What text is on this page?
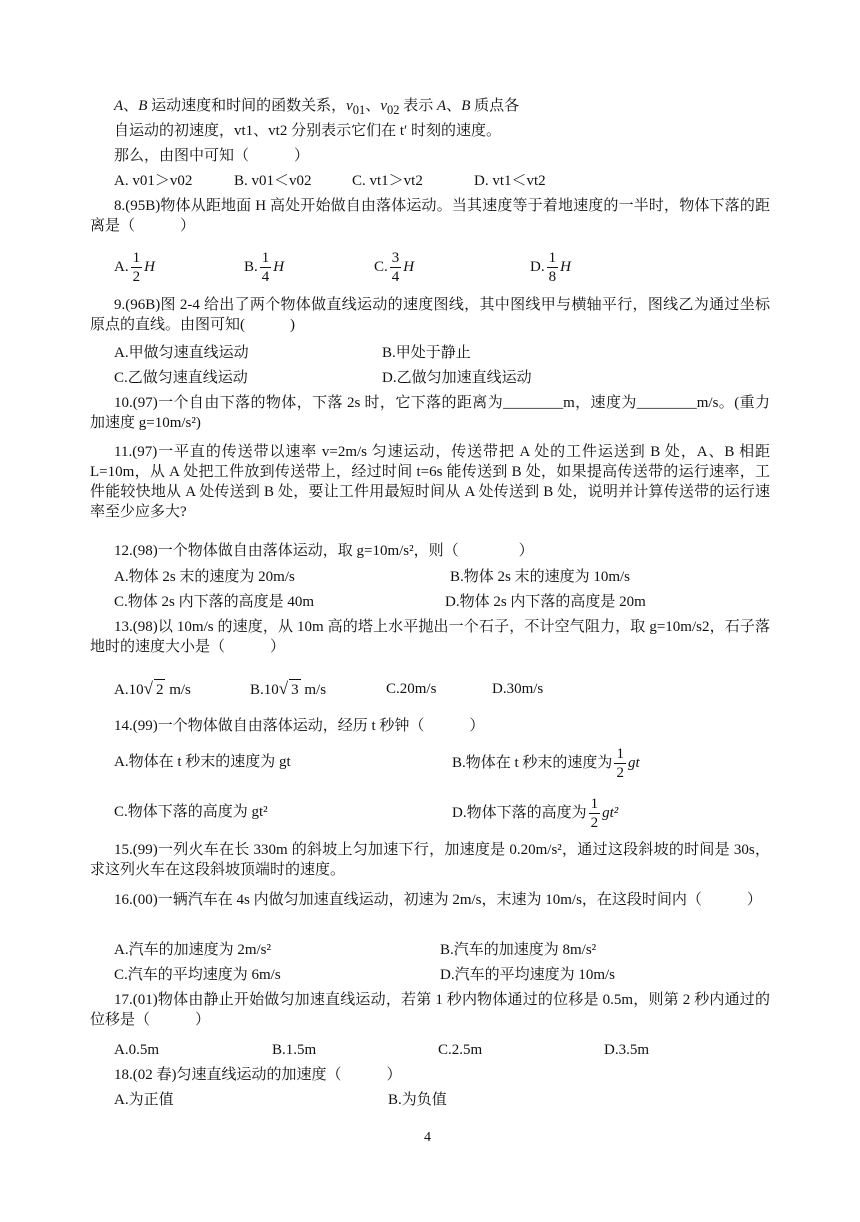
A、B 运动速度和时间的函数关系，$v_{01}$、$v_{02}$ 表示 A、B 质点各
自运动的初速度，vt1、vt2 分别表示它们在 t′ 时刻的速度。
那么，由图中可知（　　　）
A. v01＞v02	B. v01＜v02	C. vt1＞vt2	D. vt1＜vt2
8.(95B)物体从距地面 H 高处开始做自由落体运动。当其速度等于着地速度的一半时，物体下落的距离是（　　　）
A. $\frac{1}{2}$ H	B. $\frac{1}{4}$ H	C. $\frac{3}{4}$ H	D. $\frac{1}{8}$ H
9.(96B)图 2-4 给出了两个物体做直线运动的速度图线，其中图线甲与横轴平行，图线乙为通过坐标原点的直线。由图可知(　　　)
A.甲做匀速直线运动	B.甲处于静止
C.乙做匀速直线运动	D.乙做匀加速直线运动
10.(97)一个自由下落的物体，下落 2s 时，它下落的距离为________m，速度为________m/s。(重力加速度 g=10m/s²)
11.(97)一平直的传送带以速率 v=2m/s 匀速运动，传送带把 A 处的工件运送到 B 处，A、B 相距 L=10m，从 A 处把工件放到传送带上，经过时间 t=6s 能传送到 B 处，如果提高传送带的运行速率，工件能较快地从 A 处传送到 B 处，要让工件用最短时间从 A 处传送到 B 处，说明并计算传送带的运行速率至少应多大?
12.(98)一个物体做自由落体运动，取 g=10m/s²，则（　　　　）
A.物体 2s 末的速度为 20m/s	B.物体 2s 末的速度为 10m/s
C.物体 2s 内下落的高度是 40m	D.物体 2s 内下落的高度是 20m
13.(98)以 10m/s 的速度，从 10m 高的塔上水平抛出一个石子，不计空气阻力，取 g=10m/s2，石子落地时的速度大小是（　　　）
A.10√ 2 m/s	B.10√ 3 m/s	C.20m/s	D.30m/s
14.(99)一个物体做自由落体运动，经历 t 秒钟（　　　）
A.物体在 t 秒末的速度为 gt	B.物体在 t 秒末的速度为 $\frac{1}{2}$ gt
C.物体下落的高度为 gt²	D.物体下落的高度为 $\frac{1}{2} gt^2$
15.(99)一列火车在长 330m 的斜坡上匀加速下行，加速度是 0.20m/s²，通过这段斜坡的时间是 30s，求这列火车在这段斜坡顶端时的速度。
16.(00)一辆汽车在 4s 内做匀加速直线运动，初速为 2m/s，末速为 10m/s，在这段时间内（　　　）
A.汽车的加速度为 2m/s²	B.汽车的加速度为 8m/s²
C.汽车的平均速度为 6m/s	D.汽车的平均速度为 10m/s
17.(01)物体由静止开始做匀加速直线运动，若第 1 秒内物体通过的位移是 0.5m，则第 2 秒内通过的位移是（　　　）
A.0.5m	B.1.5m	C.2.5m	D.3.5m
18.(02 春)匀速直线运动的加速度（　　　）
A.为正值	B.为负值
4
